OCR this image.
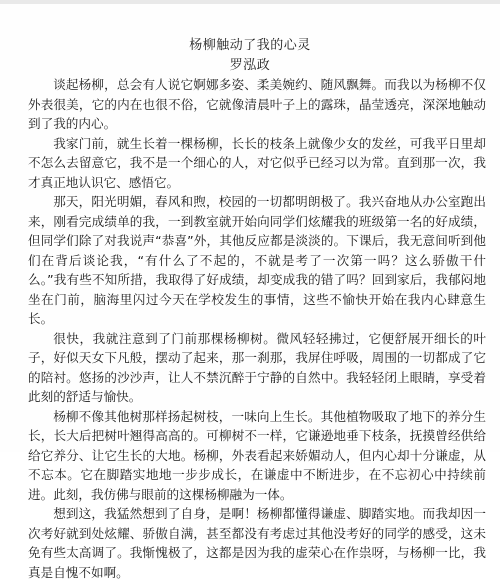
杨柳触动了我的心灵
罗泓政

谈起杨柳，总会有人说它婀娜多姿、柔美婉约、随风飘舞。而我以为杨柳不仅外表很美，它的内在也很不俗，它就像清晨叶子上的露珠，晶莹透亮，深深地触动到了我的内心。

我家门前，就生长着一棵杨柳，长长的枝条上就像少女的发丝，可我平日里却不怎么去留意它，我不是一个细心的人，对它似乎已经习以为常。直到那一次，我才真正地认识它、感悟它。

那天，阳光明媚，春风和煦，校园的一切都明朗极了。我兴奋地从办公室跑出来，刚看完成绩单的我，一到教室就开始向同学们炫耀我的班级第一名的好成绩，但同学们除了对我说声“恭喜”外，其他反应都是淡淡的。下课后，我无意间听到他们在背后谈论我，“有什么了不起的，不就是考了一次第一吗？这么骄傲干什么。”我有些不知所措，我取得了好成绩，却变成我的错了吗？回到家后，我郁闷地坐在门前，脑海里闪过今天在学校发生的事情，这些不愉快开始在我内心肆意生长。

很快，我就注意到了门前那棵杨柳树。微风轻轻拂过，它便舒展开细长的叶子，好似天女下凡般，摆动了起来，那一刹那，我屏住呼吸，周围的一切都成了它的陪衬。悠扬的沙沙声，让人不禁沉醉于宁静的自然中。我轻轻闭上眼睛，享受着此刻的舒适与愉快。

杨柳不像其他树那样扬起树枝，一味向上生长。其他植物吸取了地下的养分生长，长大后把树叶翘得高高的。可柳树不一样，它谦逊地垂下枝条，抚摸曾经供给给它养分、让它生长的大地。杨柳，外表看起来娇媚动人，但内心却十分谦虚，从不忘本。它在脚踏实地地一步步成长，在谦虚中不断进步，在不忘初心中持续前进。此刻，我仿佛与眼前的这棵杨柳融为一体。

想到这，我猛然想到了自身，是啊！杨柳都懂得谦虚、脚踏实地。而我却因一次考好就到处炫耀、骄傲自满，甚至都没有考虑过其他没考好的同学的感受，这未免有些太高调了。我惭愧极了，这都是因为我的虚荣心在作祟呀，与杨柳一比，我真是自愧不如啊。
